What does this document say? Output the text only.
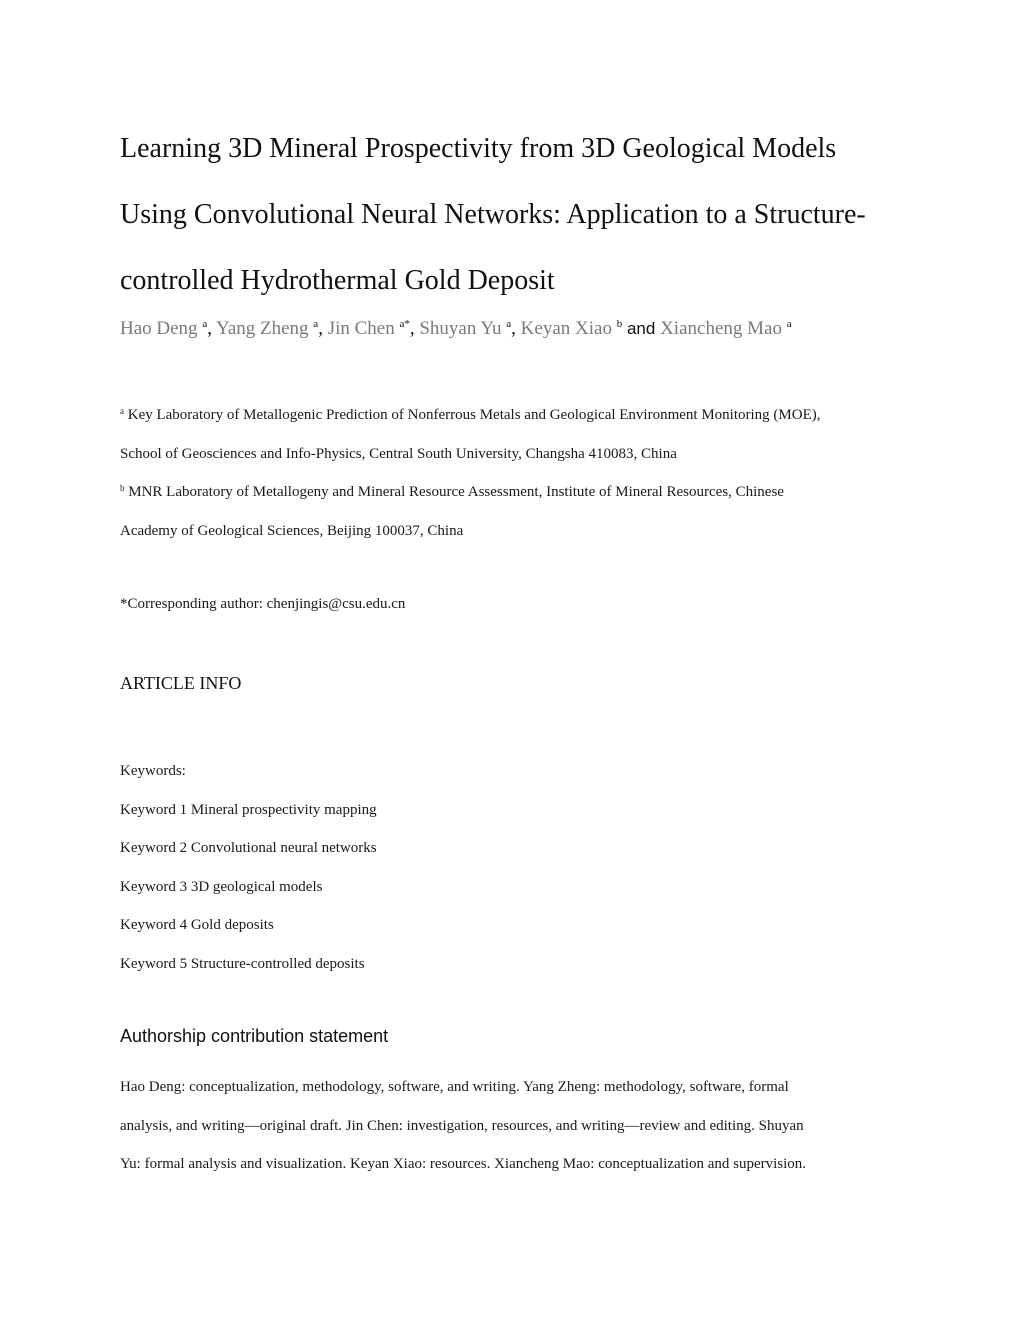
Learning 3D Mineral Prospectivity from 3D Geological Models
Using Convolutional Neural Networks: Application to a Structure-
controlled Hydrothermal Gold Deposit
Hao Deng $^a$, Yang Zheng $^a$, Jin Chen $^{a*}$, Shuyan Yu $^a$, Keyan Xiao $^b$ and Xiancheng Mao $^a$
$^a$ Key Laboratory of Metallogenic Prediction of Nonferrous Metals and Geological Environment Monitoring (MOE),
School of Geosciences and Info-Physics, Central South University, Changsha 410083, China
$^b$ MNR Laboratory of Metallogeny and Mineral Resource Assessment, Institute of Mineral Resources, Chinese
Academy of Geological Sciences, Beijing 100037, China
*Corresponding author: chenjingis@csu.edu.cn
ARTICLE INFO
Keywords:
Keyword 1 Mineral prospectivity mapping
Keyword 2 Convolutional neural networks
Keyword 3 3D geological models
Keyword 4 Gold deposits
Keyword 5 Structure-controlled deposits
Authorship contribution statement
Hao Deng: conceptualization, methodology, software, and writing. Yang Zheng: methodology, software, formal
analysis, and writing—original draft. Jin Chen: investigation, resources, and writing—review and editing. Shuyan
Yu: formal analysis and visualization. Keyan Xiao: resources. Xiancheng Mao: conceptualization and supervision.
